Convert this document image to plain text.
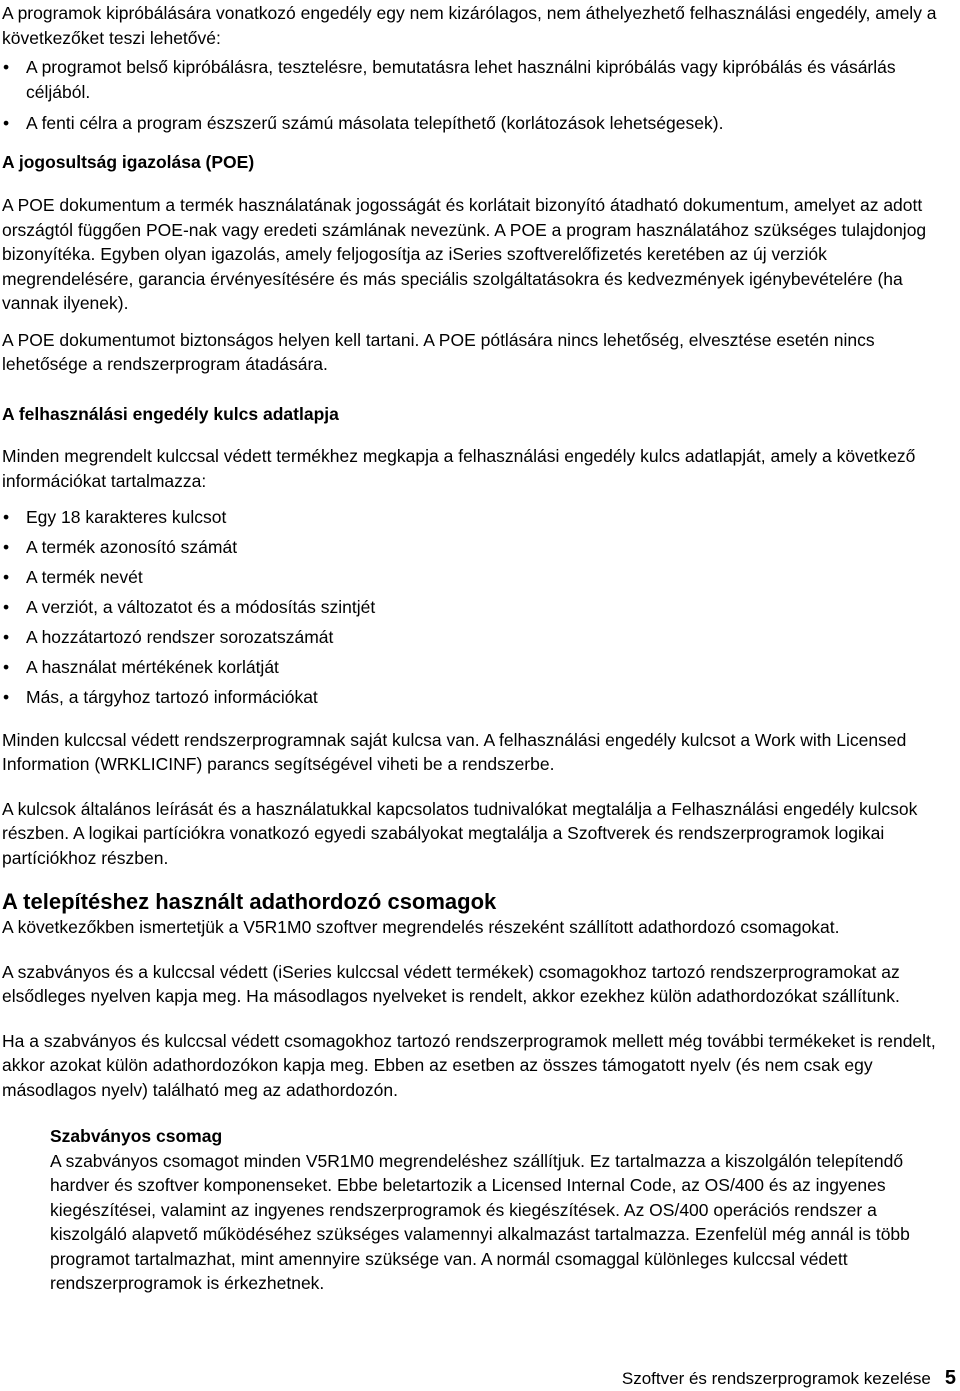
A programok kipróbálására vonatkozó engedély egy nem kizárólagos, nem áthelyezhető felhasználási engedély, amely a következőket teszi lehetővé:

• A programot belső kipróbálásra, tesztelésre, bemutatásra lehet használni kipróbálás vagy kipróbálás és vásárlás céljából.
• A fenti célra a program észszerű számú másolata telepíthető (korlátozások lehetségesek).
A jogosultság igazolása (POE)

A POE dokumentum a termék használatának jogosságát és korlátait bizonyító átadható dokumentum, amelyet az adott országtól függően POE-nak vagy eredeti számlának nevezünk. A POE a program használatához szükséges tulajdonjog bizonyítéka. Egyben olyan igazolás, amely feljogosítja az iSeries szoftverelőfizetés keretében az új verziók megrendelésére, garancia érvényesítésére és más speciális szolgáltatásokra és kedvezmények igénybevételére (ha vannak ilyenek).

A POE dokumentumot biztonságos helyen kell tartani. A POE pótlására nincs lehetőség, elvesztése esetén nincs lehetősége a rendszerprogram átadására.

A felhasználási engedély kulcs adatlapja

Minden megrendelt kulccsal védett termékhez megkapja a felhasználási engedély kulcs adatlapját, amely a következő információkat tartalmazza:

• Egy 18 karakteres kulcsot
• A termék azonosító számát
• A termék nevét
• A verziót, a változatot és a módosítás szintjét
• A hozzátartozó rendszer sorozatszámát
• A használat mértékének korlátját
• Más, a tárgyhoz tartozó információkat

Minden kulccsal védett rendszerprogramnak saját kulcsa van. A felhasználási engedély kulcsot a Work with Licensed Information (WRKLICINF) parancs segítségével viheti be a rendszerbe.

A kulcsok általános leírását és a használatukkal kapcsolatos tudnivalókat megtalálja a Felhasználási engedély kulcsok részben. A logikai partíciókra vonatkozó egyedi szabályokat megtalálja a Szoftverek és rendszerprogramok logikai partíciókhoz részben.

A telepítéshez használt adathordozó csomagok

A következőkben ismertetjük a V5R1M0 szoftver megrendelés részeként szállított adathordozó csomagokat.

A szabványos és a kulccsal védett (iSeries kulccsal védett termékek) csomagokhoz tartozó rendszerprogramokat az elsődleges nyelven kapja meg. Ha másodlagos nyelveket is rendelt, akkor ezekhez külön adathordozókat szállítunk.

Ha a szabványos és kulccsal védett csomagokhoz tartozó rendszerprogramok mellett még további termékeket is rendelt, akkor azokat külön adathordozókon kapja meg. Ebben az esetben az összes támogatott nyelv (és nem csak egy másodlagos nyelv) található meg az adathordozón.

Szabványos csomag

A szabványos csomagot minden V5R1M0 megrendeléshez szállítjuk. Ez tartalmazza a kiszolgálón telepítendő hardver és szoftver komponenseket. Ebbe beletartozik a Licensed Internal Code, az OS/400 és az ingyenes kiegészítései, valamint az ingyenes rendszerprogramok és kiegészítések. Az OS/400 operációs rendszer a kiszolgáló alapvető működéséhez szükséges valamennyi alkalmazást tartalmazza. Ezenfelül még annál is több programot tartalmazhat, mint amennyire szüksége van. A normál csomaggal különleges kulccsal védett rendszerprogramok is érkezhetnek.

Szoftver és rendszerprogramok kezelése 5
